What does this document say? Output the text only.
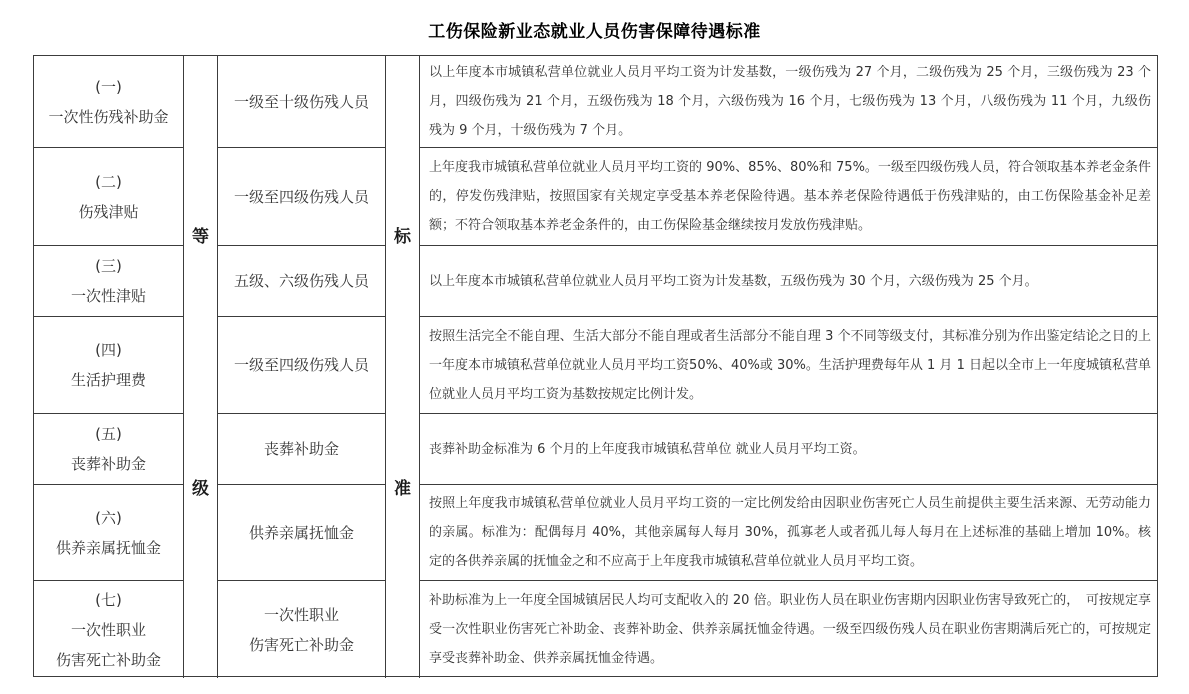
工伤保险新业态就业人员伤害保障待遇标准
等
级
标
准
(一)
一次性伤残补助金
一级至十级伤残人员
以上年度本市城镇私营单位就业人员月平均工资为计发基数，一级伤残为 27 个月，二级伤残为 25 个月，三级伤残为 23 个月，四级伤残为 21 个月，五级伤残为 18 个月，六级伤残为 16 个月，七级伤残为 13 个月，八级伤残为 11 个月，九级伤残为 9 个月，十级伤残为 7 个月。
(二)
伤残津贴
一级至四级伤残人员
上年度我市城镇私营单位就业人员月平均工资的 90%、85%、80%和 75%。一级至四级伤残人员，符合领取基本养老金条件的，停发伤残津贴，按照国家有关规定享受基本养老保险待遇。基本养老保险待遇低于伤残津贴的，由工伤保险基金补足差额；不符合领取基本养老金条件的，由工伤保险基金继续按月发放伤残津贴。
(三)
一次性津贴
五级、六级伤残人员	以上年度本市城镇私营单位就业人员月平均工资为计发基数，五级伤残为 30 个月，六级伤残为 25 个月。
(四)
生活护理费
一级至四级伤残人员
按照生活完全不能自理、生活大部分不能自理或者生活部分不能自理 3 个不同等级支付，其标准分别为作出鉴定结论之日的上一年度本市城镇私营单位就业人员月平均工资50%、40%或 30%。生活护理费每年从 1 月 1 日起以全市上一年度城镇私营单位就业人员月平均工资为基数按规定比例计发。
(五)
丧葬补助金
丧葬补助金	丧葬补助金标准为 6 个月的上年度我市城镇私营单位 就业人员月平均工资。
(六)
供养亲属抚恤金
供养亲属抚恤金
按照上年度我市城镇私营单位就业人员月平均工资的一定比例发给由因职业伤害死亡人员生前提供主要生活来源、无劳动能力的亲属。标准为：配偶每月 40%，其他亲属每人每月 30%，孤寡老人或者孤儿每人每月在上述标准的基础上增加 10%。核定的各供养亲属的抚恤金之和不应高于上年度我市城镇私营单位就业人员月平均工资。
(七)
一次性职业
伤害死亡补助金
一次性职业
伤害死亡补助金
补助标准为上一年度全国城镇居民人均可支配收入的 20 倍。职业伤人员在职业伤害期内因职业伤害导致死亡的，　可按规定享受一次性职业伤害死亡补助金、丧葬补助金、供养亲属抚恤金待遇。一级至四级伤残人员在职业伤害期满后死亡的，可按规定享受丧葬补助金、供养亲属抚恤金待遇。
